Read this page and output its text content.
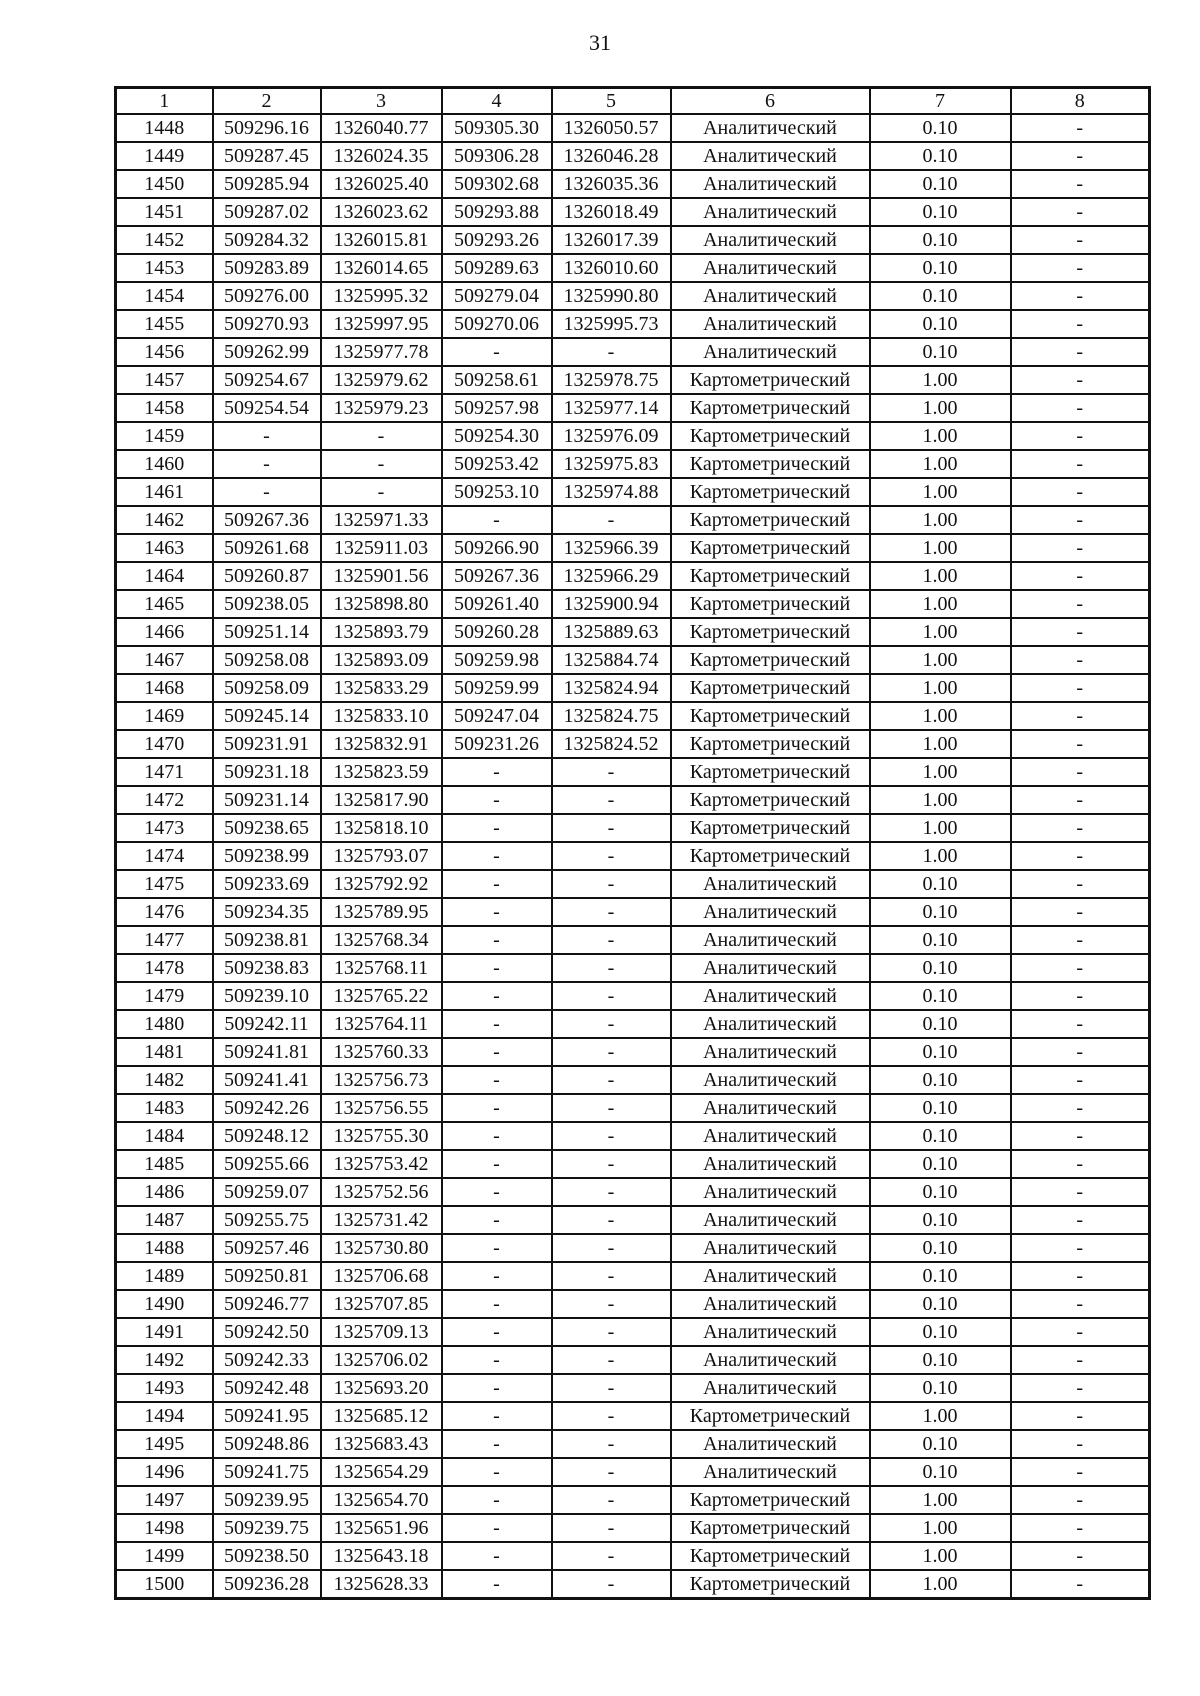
31
1	2	3	4	5	6	7	8
1448	509296.16	1326040.77	509305.30	1326050.57	Аналитический	0.10	-
1449	509287.45	1326024.35	509306.28	1326046.28	Аналитический	0.10	-
1450	509285.94	1326025.40	509302.68	1326035.36	Аналитический	0.10	-
1451	509287.02	1326023.62	509293.88	1326018.49	Аналитический	0.10	-
1452	509284.32	1326015.81	509293.26	1326017.39	Аналитический	0.10	-
1453	509283.89	1326014.65	509289.63	1326010.60	Аналитический	0.10	-
1454	509276.00	1325995.32	509279.04	1325990.80	Аналитический	0.10	-
1455	509270.93	1325997.95	509270.06	1325995.73	Аналитический	0.10	-
1456	509262.99	1325977.78	-	-	Аналитический	0.10	-
1457	509254.67	1325979.62	509258.61	1325978.75	Картометрический	1.00	-
1458	509254.54	1325979.23	509257.98	1325977.14	Картометрический	1.00	-
1459	-	-	509254.30	1325976.09	Картометрический	1.00	-
1460	-	-	509253.42	1325975.83	Картометрический	1.00	-
1461	-	-	509253.10	1325974.88	Картометрический	1.00	-
1462	509267.36	1325971.33	-	-	Картометрический	1.00	-
1463	509261.68	1325911.03	509266.90	1325966.39	Картометрический	1.00	-
1464	509260.87	1325901.56	509267.36	1325966.29	Картометрический	1.00	-
1465	509238.05	1325898.80	509261.40	1325900.94	Картометрический	1.00	-
1466	509251.14	1325893.79	509260.28	1325889.63	Картометрический	1.00	-
1467	509258.08	1325893.09	509259.98	1325884.74	Картометрический	1.00	-
1468	509258.09	1325833.29	509259.99	1325824.94	Картометрический	1.00	-
1469	509245.14	1325833.10	509247.04	1325824.75	Картометрический	1.00	-
1470	509231.91	1325832.91	509231.26	1325824.52	Картометрический	1.00	-
1471	509231.18	1325823.59	-	-	Картометрический	1.00	-
1472	509231.14	1325817.90	-	-	Картометрический	1.00	-
1473	509238.65	1325818.10	-	-	Картометрический	1.00	-
1474	509238.99	1325793.07	-	-	Картометрический	1.00	-
1475	509233.69	1325792.92	-	-	Аналитический	0.10	-
1476	509234.35	1325789.95	-	-	Аналитический	0.10	-
1477	509238.81	1325768.34	-	-	Аналитический	0.10	-
1478	509238.83	1325768.11	-	-	Аналитический	0.10	-
1479	509239.10	1325765.22	-	-	Аналитический	0.10	-
1480	509242.11	1325764.11	-	-	Аналитический	0.10	-
1481	509241.81	1325760.33	-	-	Аналитический	0.10	-
1482	509241.41	1325756.73	-	-	Аналитический	0.10	-
1483	509242.26	1325756.55	-	-	Аналитический	0.10	-
1484	509248.12	1325755.30	-	-	Аналитический	0.10	-
1485	509255.66	1325753.42	-	-	Аналитический	0.10	-
1486	509259.07	1325752.56	-	-	Аналитический	0.10	-
1487	509255.75	1325731.42	-	-	Аналитический	0.10	-
1488	509257.46	1325730.80	-	-	Аналитический	0.10	-
1489	509250.81	1325706.68	-	-	Аналитический	0.10	-
1490	509246.77	1325707.85	-	-	Аналитический	0.10	-
1491	509242.50	1325709.13	-	-	Аналитический	0.10	-
1492	509242.33	1325706.02	-	-	Аналитический	0.10	-
1493	509242.48	1325693.20	-	-	Аналитический	0.10	-
1494	509241.95	1325685.12	-	-	Картометрический	1.00	-
1495	509248.86	1325683.43	-	-	Аналитический	0.10	-
1496	509241.75	1325654.29	-	-	Аналитический	0.10	-
1497	509239.95	1325654.70	-	-	Картометрический	1.00	-
1498	509239.75	1325651.96	-	-	Картометрический	1.00	-
1499	509238.50	1325643.18	-	-	Картометрический	1.00	-
1500	509236.28	1325628.33	-	-	Картометрический	1.00	-
